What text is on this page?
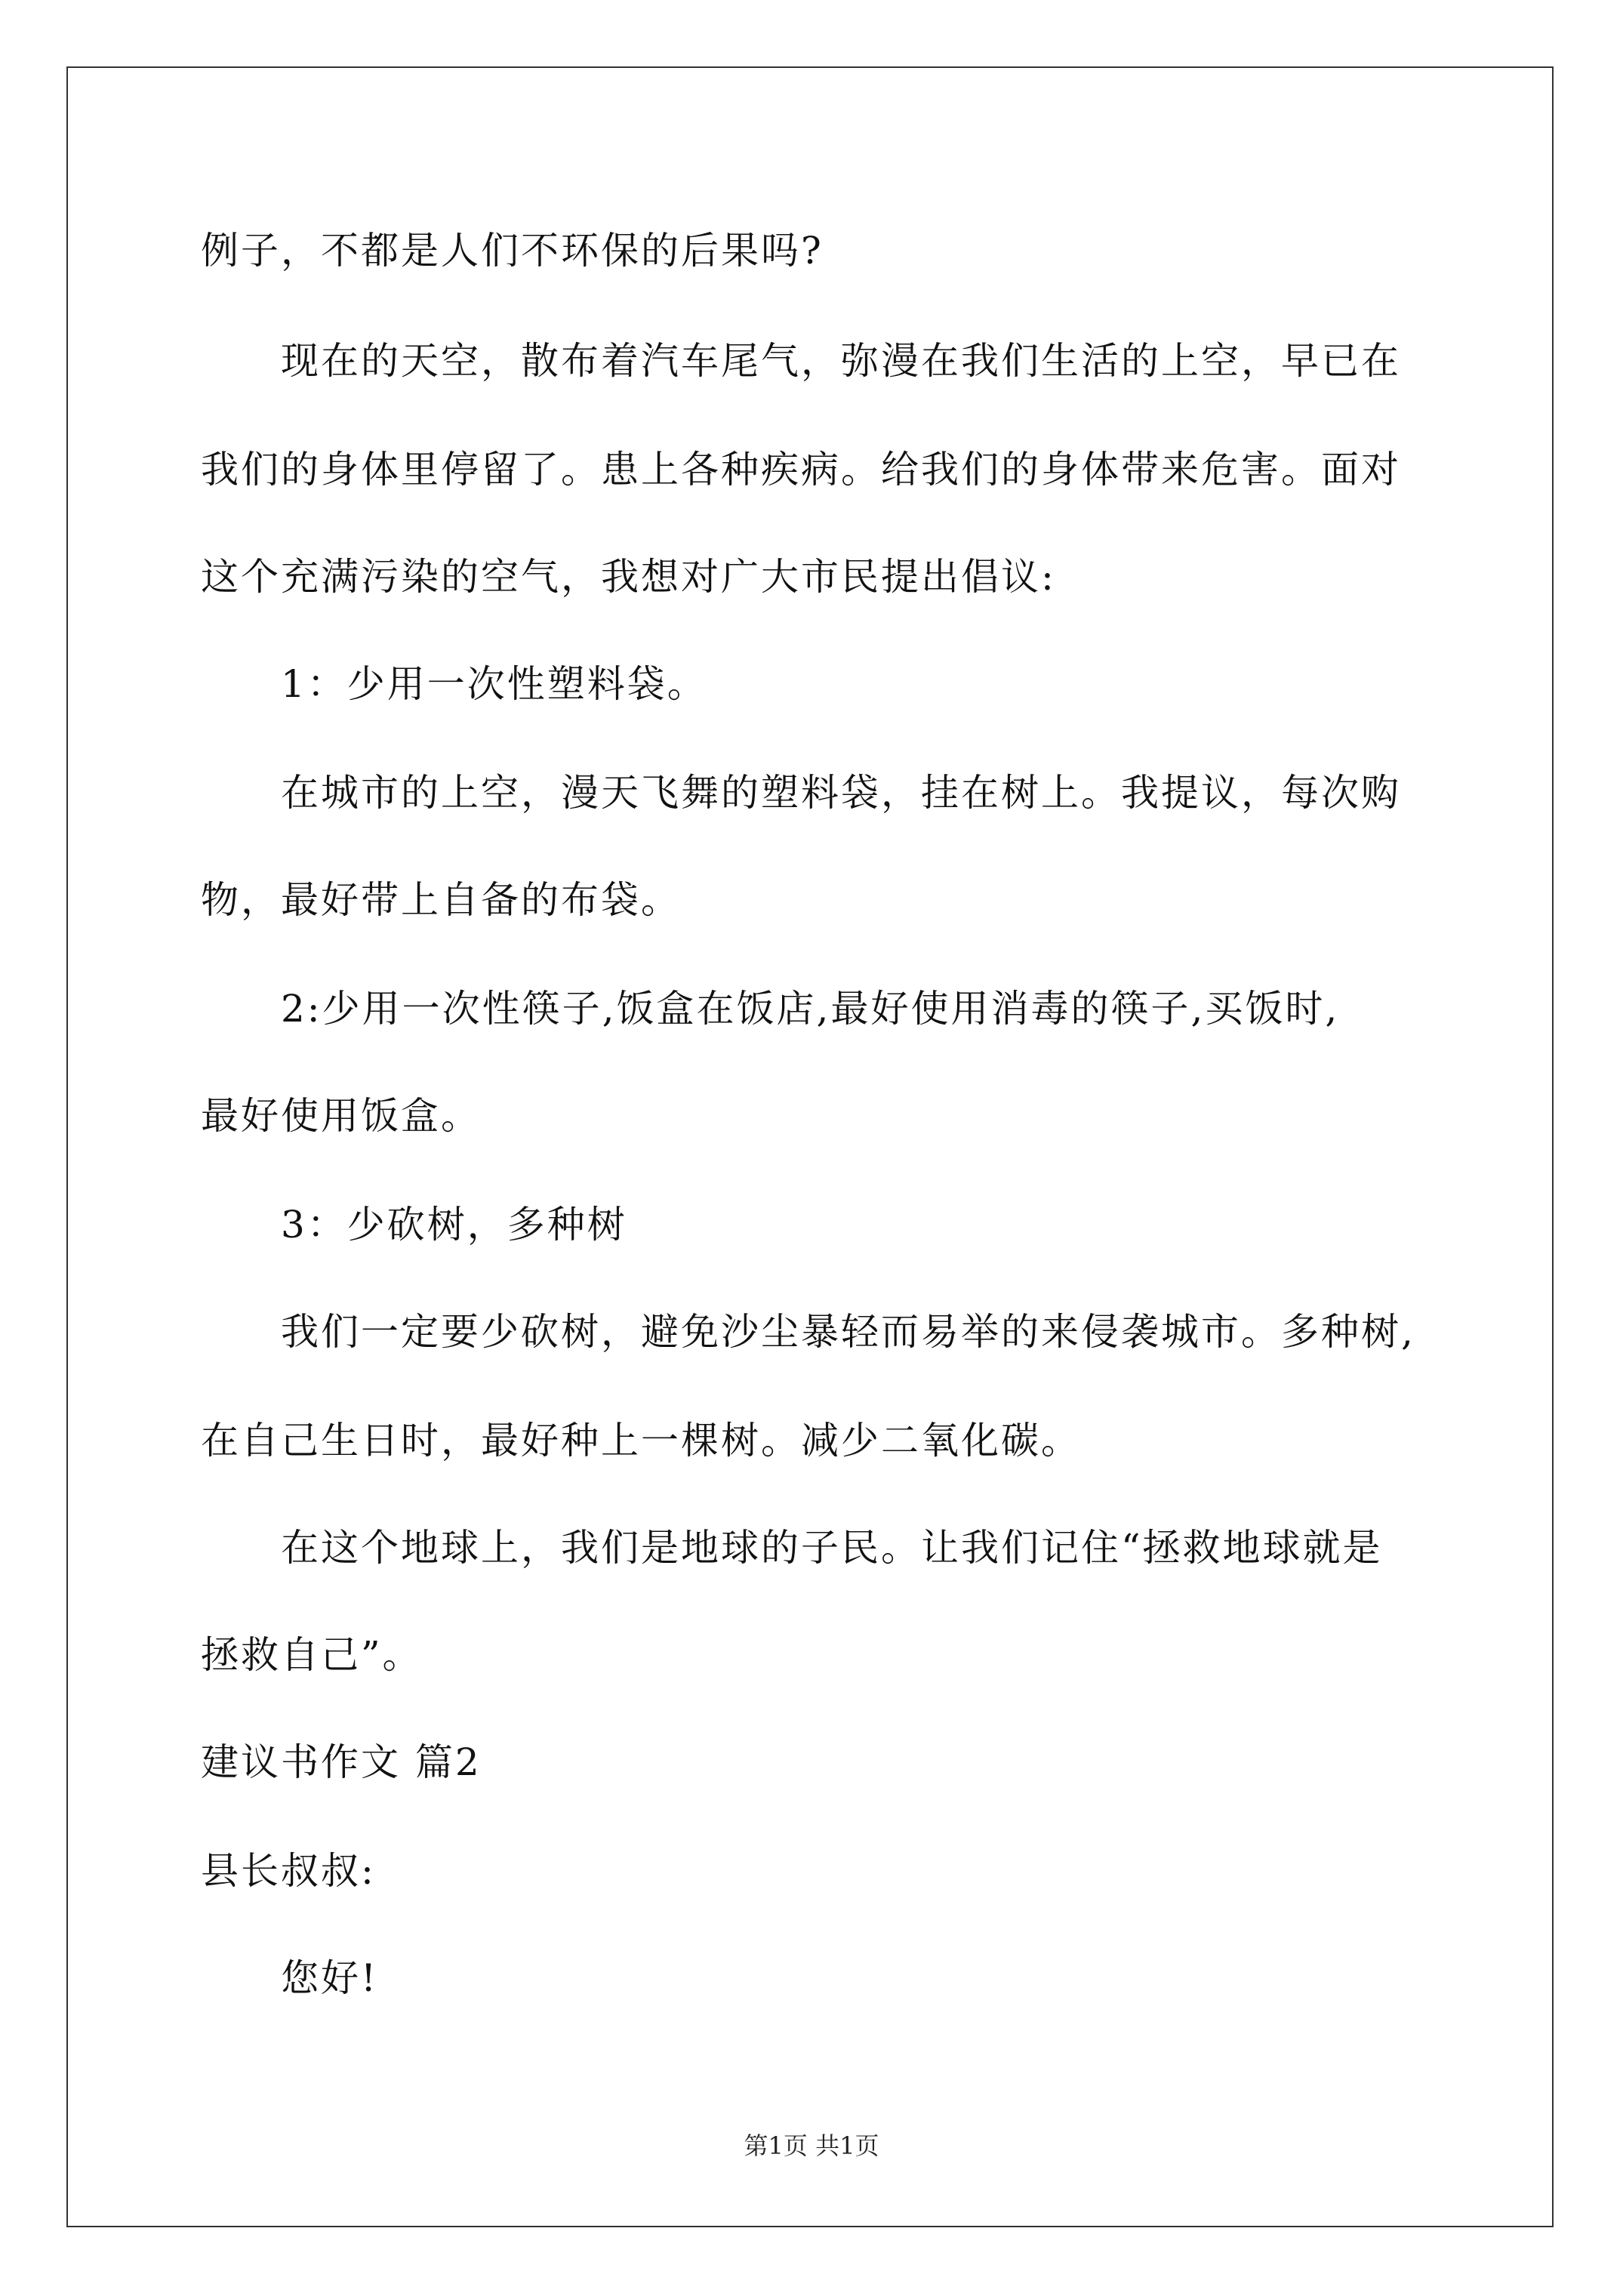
例子，不都是人们不环保的后果吗?
现在的天空，散布着汽车尾气，弥漫在我们生活的上空，早已在
我们的身体里停留了。患上各种疾病。给我们的身体带来危害。面对
这个充满污染的空气，我想对广大市民提出倡议:
1：少用一次性塑料袋。
在城市的上空，漫天飞舞的塑料袋，挂在树上。我提议，每次购
物，最好带上自备的布袋。
2:少用一次性筷子,饭盒在饭店,最好使用消毒的筷子,买饭时,
最好使用饭盒。
3：少砍树，多种树
我们一定要少砍树，避免沙尘暴轻而易举的来侵袭城市。多种树,
在自己生日时，最好种上一棵树。减少二氧化碳。
在这个地球上，我们是地球的子民。让我们记住“拯救地球就是
拯救自己”。
建议书作文 篇2
县长叔叔:
您好!
第1页 共1页
